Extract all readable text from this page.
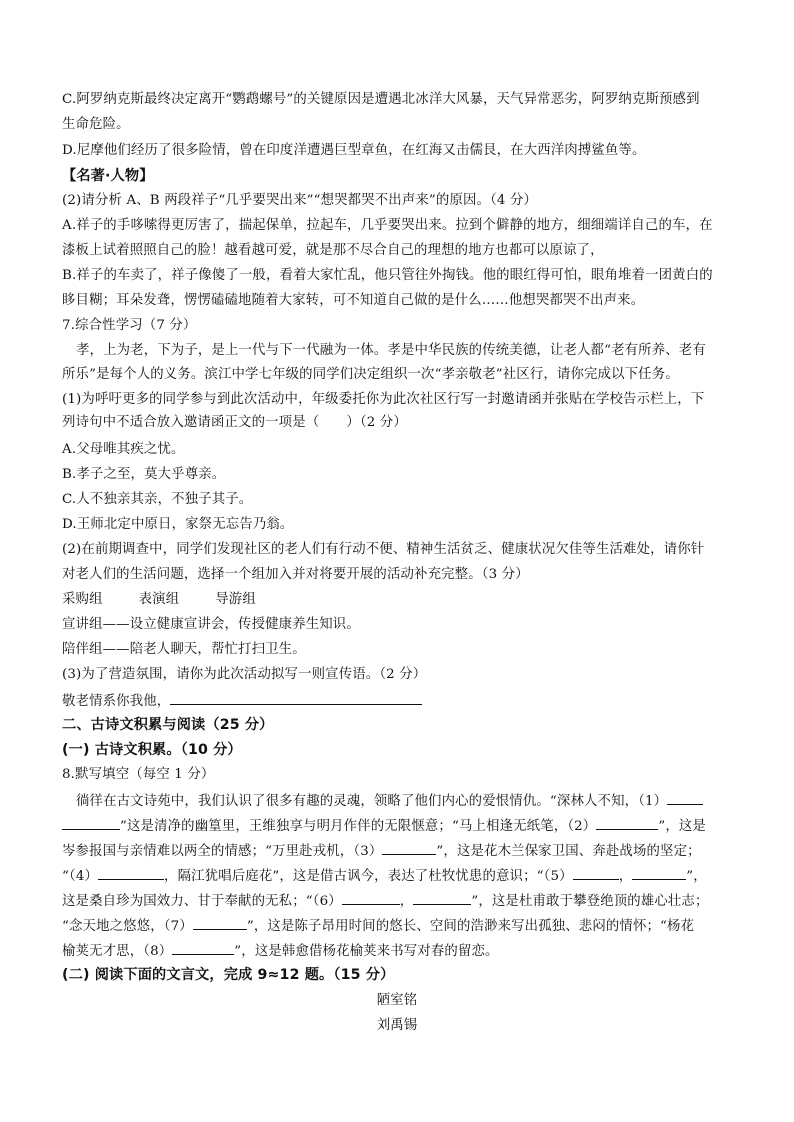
C.阿罗纳克斯最终决定离开“鹦鹉螺号”的关键原因是遭遇北冰洋大风暴，天气异常恶劣，阿罗纳克斯预感到
生命危险。
D.尼摩他们经历了很多险情，曾在印度洋遭遇巨型章鱼，在红海又击儒艮，在大西洋肉搏鲨鱼等。
【名著·人物】
(2)请分析 A、B 两段祥子“几乎要哭出来”“想哭都哭不出声来”的原因。（4 分）
A.祥子的手哆嗦得更厉害了，揣起保单，拉起车，几乎要哭出来。拉到个僻静的地方，细细端详自己的车，在
漆板上试着照照自己的脸！越看越可爱，就是那不尽合自己的理想的地方也都可以原谅了，
B.祥子的车卖了，祥子像傻了一般，看着大家忙乱，他只管往外掏钱。他的眼红得可怕，眼角堆着一团黄白的
眵目糊；耳朵发聋，愣愣磕磕地随着大家转，可不知道自己做的是什么……他想哭都哭不出声来。
7.综合性学习（7 分）
孝，上为老，下为子，是上一代与下一代融为一体。孝是中华民族的传统美德，让老人都“老有所养、老有
所乐”是每个人的义务。滨江中学七年级的同学们决定组织一次“孝亲敬老”社区行，请你完成以下任务。
(1)为呼吁更多的同学参与到此次活动中，年级委托你为此次社区行写一封邀请函并张贴在学校告示栏上，下
列诗句中不适合放入邀请函正文的一项是（　　）（2 分）
A.父母唯其疾之忧。
B.孝子之至，莫大乎尊亲。
C.人不独亲其亲，不独子其子。
D.王师北定中原日，家祭无忘告乃翁。
(2)在前期调查中，同学们发现社区的老人们有行动不便、精神生活贫乏、健康状况欠佳等生活难处，请你针
对老人们的生活问题，选择一个组加入并对将要开展的活动补充完整。（3 分）
采购组	表演组	导游组
宣讲组——设立健康宣讲会，传授健康养生知识。
陪伴组——陪老人聊天，帮忙打扫卫生。
(3)为了营造氛围，请你为此次活动拟写一则宣传语。（2 分）
敬老情系你我他，
二、古诗文积累与阅读（25 分）
(一) 古诗文积累。（10 分）
8.默写填空（每空 1 分）
徜徉在古文诗苑中，我们认识了很多有趣的灵魂，领略了他们内心的爱恨情仇。“深林人不知，（1）
”这是清净的幽篁里，王维独享与明月作伴的无限惬意；“马上相逢无纸笔，（2）	”，这是
岑参报国与亲情难以两全的情感；“万里赴戎机，（3）	”，这是花木兰保家卫国、奔赴战场的坚定；
“（4）	，隔江犹唱后庭花”，这是借古讽今，表达了杜牧忧患的意识；“（5）	，	”，
这是桑自珍为国效力、甘于奉献的无私；“（6）	，	”，这是杜甫敢于攀登绝顶的雄心壮志；
“念天地之悠悠，（7）	”，这是陈子昂用时间的悠长、空间的浩渺来写出孤独、悲闷的情怀；“杨花
榆荚无才思，（8）	”，这是韩愈借杨花榆荚来书写对春的留恋。
(二) 阅读下面的文言文，完成 9≈12 题。（15 分）
陋室铭
刘禹锡
